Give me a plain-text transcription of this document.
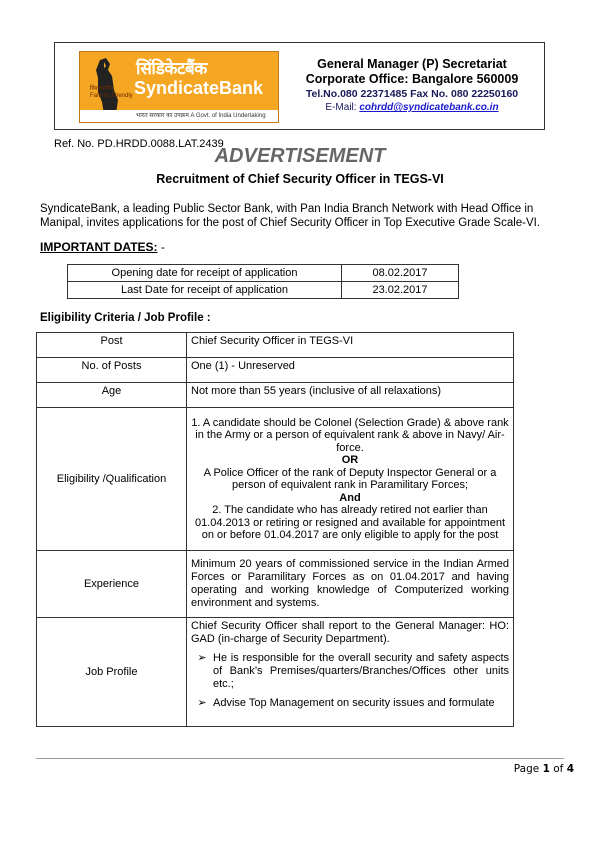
विश्वसनीय
Faithful Friendly
सिंडिकेटबैंक
SyndicateBank
भारत सरकार का उपक्रम A Govt. of India Undertaking
General Manager (P) Secretariat
Corporate Office: Bangalore 560009
Tel.No.080 22371485 Fax No. 080 22250160
E-Mail: cohrdd@syndicatebank.co.in
Ref. No. PD.HRDD.0088.LAT.2439
ADVERTISEMENT
Recruitment of Chief Security Officer in TEGS-VI
SyndicateBank, a leading Public Sector Bank, with Pan India Branch Network with Head Office in Manipal, invites applications for the post of Chief Security Officer in Top Executive Grade Scale-VI.
IMPORTANT DATES: -
Opening date for receipt of application	08.02.2017
Last Date for receipt of application	23.02.2017
Eligibility Criteria / Job Profile :
Post	Chief Security Officer in TEGS-VI
No. of Posts	One (1) - Unreserved
Age	Not more than 55 years (inclusive of all relaxations)
Eligibility /Qualification	1. A candidate should be Colonel (Selection Grade) & above rank in the Army or a person of equivalent rank & above in Navy/ Air-force.
OR
A Police Officer of the rank of Deputy Inspector General or a person of equivalent rank in Paramilitary Forces;
And
2. The candidate who has already retired not earlier than 01.04.2013 or retiring or resigned and available for appointment on or before 01.04.2017 are only eligible to apply for the post

Experience	Minimum 20 years of commissioned service in the Indian Armed Forces or Paramilitary Forces as on 01.04.2017 and having operating and working knowledge of Computerized working environment and systems.
Job Profile	Chief Security Officer shall report to the General Manager: HO: GAD (in-charge of Security Department).
➢ He is responsible for the overall security and safety aspects of Bank’s Premises/quarters/Branches/Offices other units etc.;
➢ Advise Top Management on security issues and formulate
Page 1 of 4
